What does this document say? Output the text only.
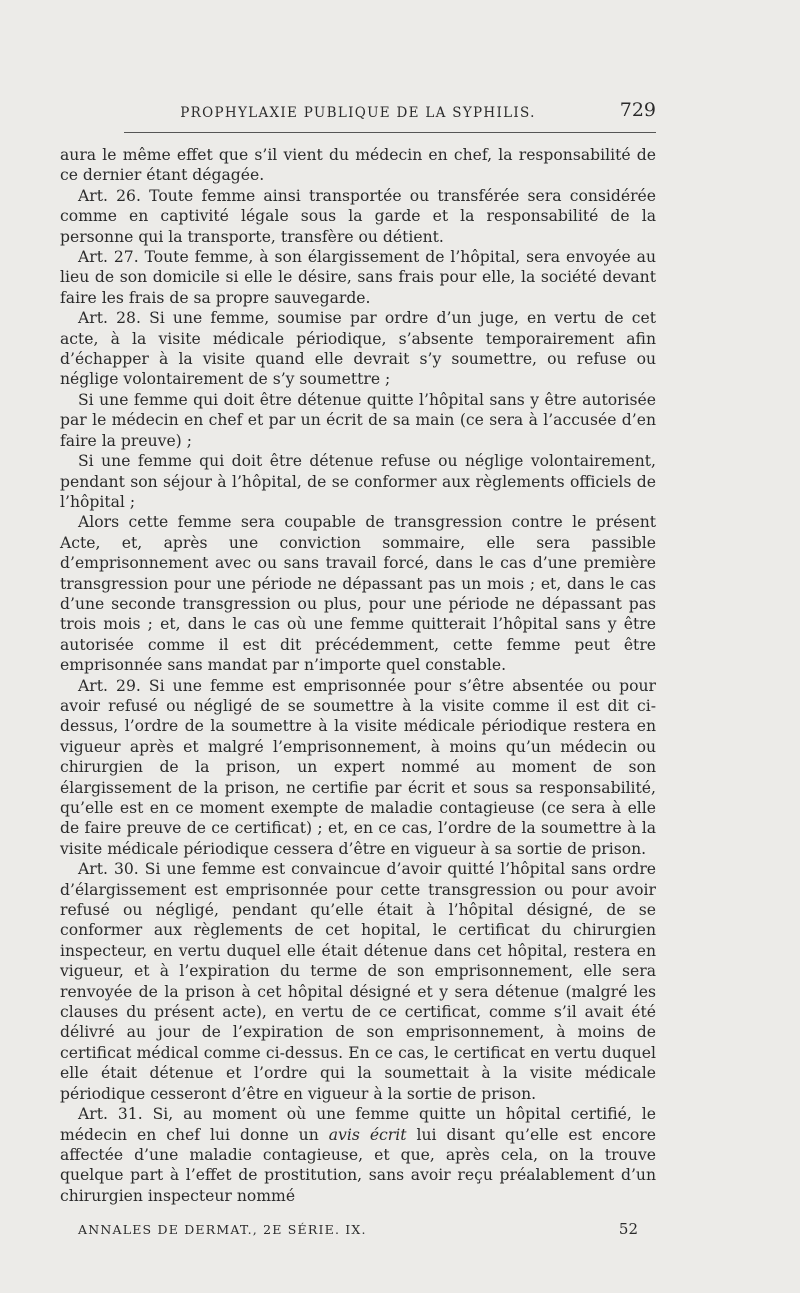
PROPHYLAXIE PUBLIQUE DE LA SYPHILIS.	729

aura le même effet que s’il vient du médecin en chef, la responsabilité de ce dernier étant dégagée.

Art. 26. Toute femme ainsi transportée ou transférée sera considérée comme en captivité légale sous la garde et la responsabilité de la personne qui la transporte, transfère ou détient.

Art. 27. Toute femme, à son élargissement de l’hôpital, sera envoyée au lieu de son domicile si elle le désire, sans frais pour elle, la société devant faire les frais de sa propre sauvegarde.

Art. 28. Si une femme, soumise par ordre d’un juge, en vertu de cet acte, à la visite médicale périodique, s’absente temporairement afin d’échapper à la visite quand elle devrait s’y soumettre, ou refuse ou néglige volontairement de s’y soumettre ;

Si une femme qui doit être détenue quitte l’hôpital sans y être autorisée par le médecin en chef et par un écrit de sa main (ce sera à l’accusée d’en faire la preuve) ;

Si une femme qui doit être détenue refuse ou néglige volontairement, pendant son séjour à l’hôpital, de se conformer aux règlements officiels de l’hôpital ;

Alors cette femme sera coupable de transgression contre le présent Acte, et, après une conviction sommaire, elle sera passible d’emprisonnement avec ou sans travail forcé, dans le cas d’une première transgression pour une période ne dépassant pas un mois ; et, dans le cas d’une seconde transgression ou plus, pour une période ne dépassant pas trois mois ; et, dans le cas où une femme quitterait l’hôpital sans y être autorisée comme il est dit précédemment, cette femme peut être emprisonnée sans mandat par n’importe quel constable.

Art. 29. Si une femme est emprisonnée pour s’être absentée ou pour avoir refusé ou négligé de se soumettre à la visite comme il est dit ci-dessus, l’ordre de la soumettre à la visite médicale périodique restera en vigueur après et malgré l’emprisonnement, à moins qu’un médecin ou chirurgien de la prison, un expert nommé au moment de son élargissement de la prison, ne certifie par écrit et sous sa responsabilité, qu’elle est en ce moment exempte de maladie contagieuse (ce sera à elle de faire preuve de ce certificat) ; et, en ce cas, l’ordre de la soumettre à la visite médicale périodique cessera d’être en vigueur à sa sortie de prison.

Art. 30. Si une femme est convaincue d’avoir quitté l’hôpital sans ordre d’élargissement est emprisonnée pour cette transgression ou pour avoir refusé ou négligé, pendant qu’elle était à l’hôpital désigné, de se conformer aux règlements de cet hopital, le certificat du chirurgien inspecteur, en vertu duquel elle était détenue dans cet hôpital, restera en vigueur, et à l’expiration du terme de son emprisonnement, elle sera renvoyée de la prison à cet hôpital désigné et y sera détenue (malgré les clauses du présent acte), en vertu de ce certificat, comme s’il avait été délivré au jour de l’expiration de son emprisonnement, à moins de certificat médical comme ci-dessus. En ce cas, le certificat en vertu duquel elle était détenue et l’ordre qui la soumettait à la visite médicale périodique cesseront d’être en vigueur à la sortie de prison.

Art. 31. Si, au moment où une femme quitte un hôpital certifié, le médecin en chef lui donne un avis écrit lui disant qu’elle est encore affectée d’une maladie contagieuse, et que, après cela, on la trouve quelque part à l’effet de prostitution, sans avoir reçu préalablement d’un chirurgien inspecteur nommé

ANNALES DE DERMAT., 2E SÉRIE. IX.	52
